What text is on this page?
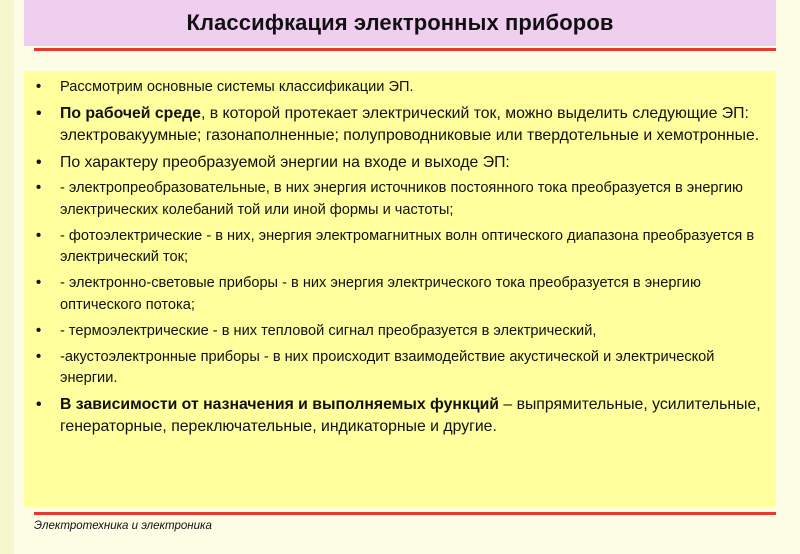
Классифкация электронных приборов
• Рассмотрим основные системы классификации ЭП.
• По рабочей среде, в которой протекает электрический ток, можно выделить следующие ЭП: электровакуумные; газонаполненные; полупроводниковые или твердотельные и хемотронные.
• По характеру преобразуемой энергии на входе и выходе ЭП:
• - электропреобразовательные, в них энергия источников постоянного тока преобразуется в энергию электрических колебаний той или иной формы и частоты;
• - фотоэлектрические - в них, энергия электромагнитных волн оптического диапазона преобразуется в электрический ток;
• - электронно-световые приборы - в них энергия электрического тока преобразуется в энергию оптического потока;
• - термоэлектрические - в них тепловой сигнал преобразуется в электрический,
• -акустоэлектронные приборы - в них происходит взаимодействие акустической и электрической энергии.
• В зависимости от назначения и выполняемых функций – выпрямительные, усилительные, генераторные, переключательные, индикаторные и другие.
Электротехника и электроника
